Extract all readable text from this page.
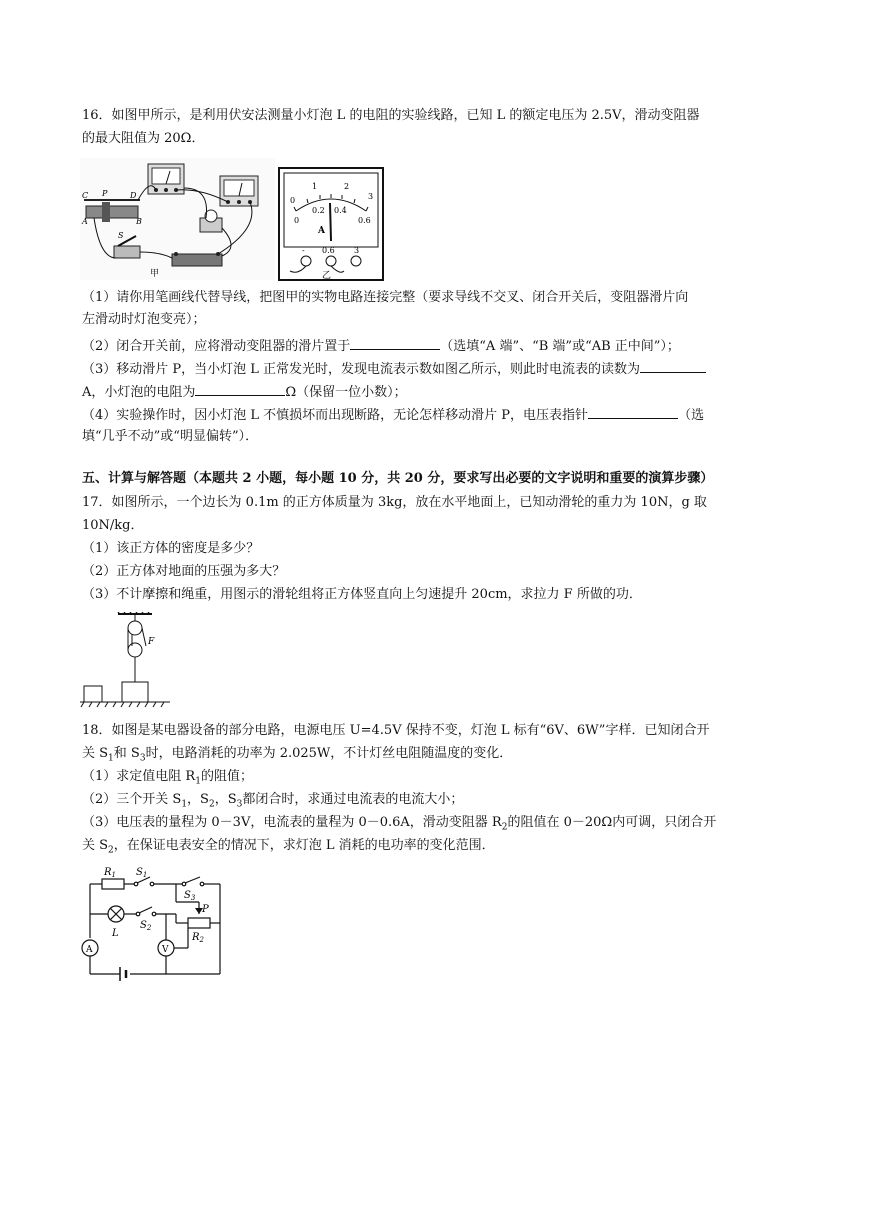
16．如图甲所示，是利用伏安法测量小灯泡 L 的电阻的实验线路，已知 L 的额定电压为 2.5V，滑动变阻器
的最大阻值为 20Ω．
C P	D
A	B
S
甲
0
1	2
3
0
0.2 0.4
0.6
A
- 0.6 3
乙
（1）请你用笔画线代替导线，把图甲的实物电路连接完整（要求导线不交叉、闭合开关后，变阻器滑片向
左滑动时灯泡变亮）；
（2）闭合开关前，应将滑动变阻器的滑片置于	（选填“A 端”、“B 端”或“AB 正中间”）；
（3）移动滑片 P，当小灯泡 L 正常发光时，发现电流表示数如图乙所示，则此时电流表的读数为
A，小灯泡的电阻为	Ω（保留一位小数）；
（4）实验操作时，因小灯泡 L 不慎损坏而出现断路，无论怎样移动滑片 P，电压表指针	（选
填“几乎不动”或“明显偏转”）．
五、计算与解答题（本题共 2 小题，每小题 10 分，共 20 分，要求写出必要的文字说明和重要的演算步骤）
17．如图所示，一个边长为 0.1m 的正方体质量为 3kg，放在水平地面上，已知动滑轮的重力为 10N，g 取
10N/kg．
（1）该正方体的密度是多少？
（2）正方体对地面的压强为多大？
（3）不计摩擦和绳重，用图示的滑轮组将正方体竖直向上匀速提升 20cm，求拉力 F 所做的功．
F
18．如图是某电器设备的部分电路，电源电压 U=4.5V 保持不变，灯泡 L 标有“6V、6W”字样．已知闭合开
关 $S_1$和 $S_3$时，电路消耗的功率为 2.025W，不计灯丝电阻随温度的变化．
（1）求定值电阻 $R_1$的阻值；
（2）三个开关 $S_1$，$S_2$，$S_3$都闭合时，求通过电流表的电流大小；
（3）电压表的量程为 0－3V，电流表的量程为 0－0.6A，滑动变阻器 $R_2$的阻值在 0－20Ω内可调，只闭合开
关 $S_2$，在保证电表安全的情况下，求灯泡 L 消耗的电功率的变化范围．
$R_1$ $S_1$
$S_3$
P
L
$S_2$
A	V
$R_2$
